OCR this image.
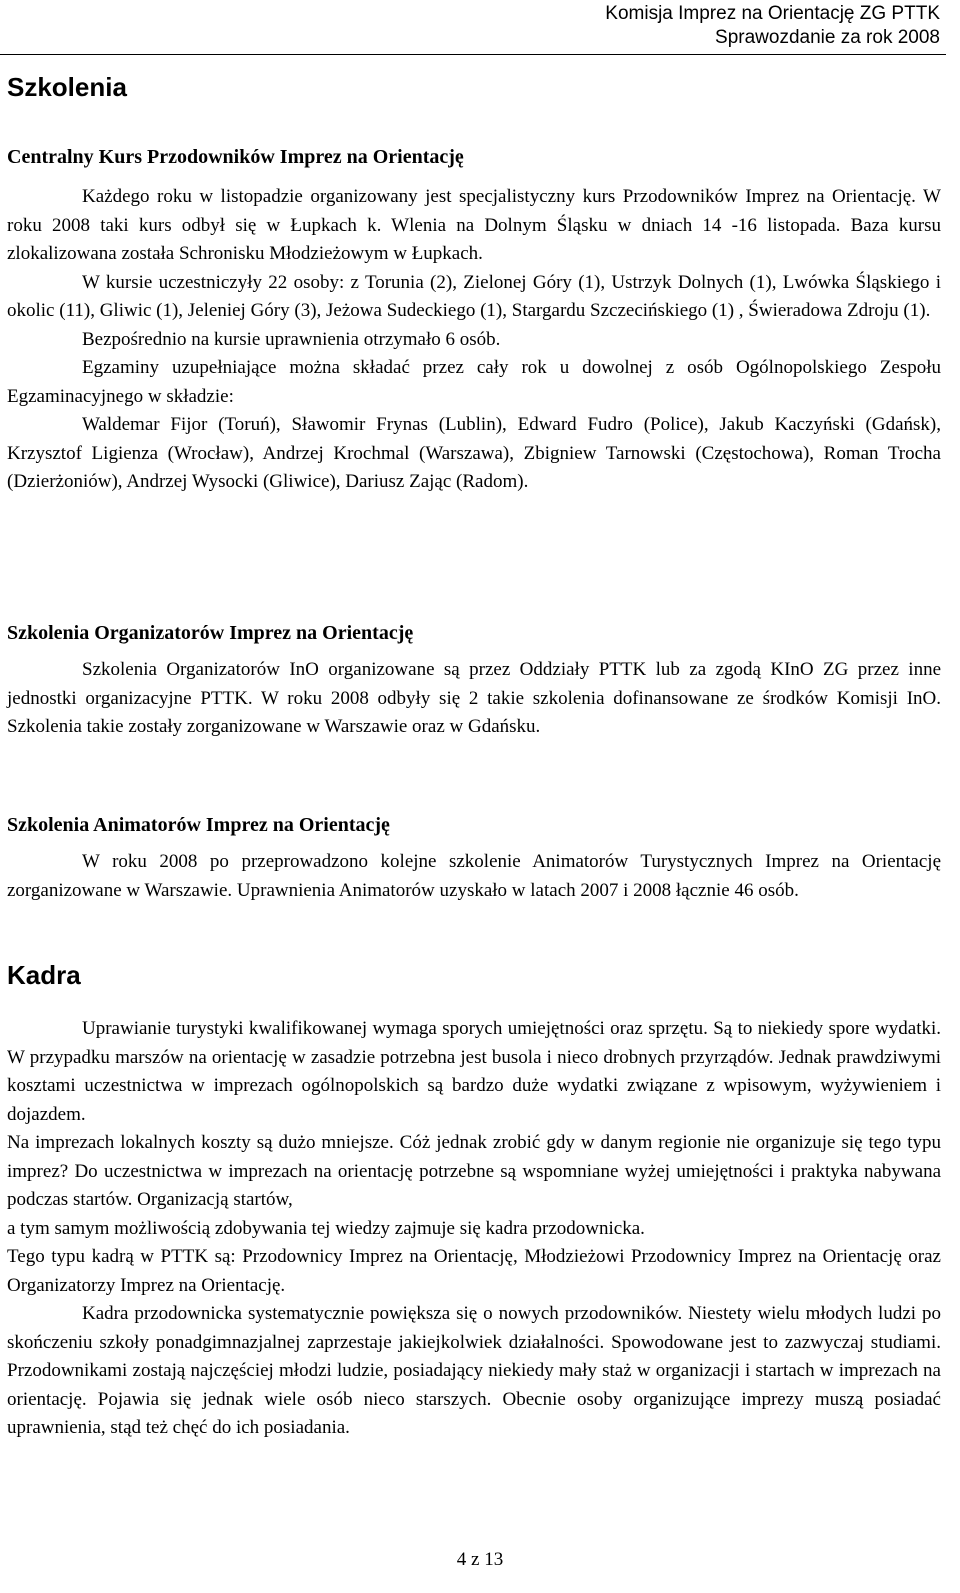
Komisja Imprez na Orientację ZG PTTK
Sprawozdanie za rok 2008
Szkolenia
Centralny Kurs Przodowników Imprez na Orientację

Każdego roku w listopadzie organizowany jest specjalistyczny kurs Przodowników Imprez na Orientację. W roku 2008 taki kurs odbył się w Łupkach k. Wlenia na Dolnym Śląsku w dniach 14 -16 listopada. Baza kursu zlokalizowana została Schronisku Młodzieżowym w Łupkach.

W kursie uczestniczyły 22 osoby: z Torunia (2), Zielonej Góry (1), Ustrzyk Dolnych (1), Lwówka Śląskiego i okolic (11), Gliwic (1), Jeleniej Góry (3), Jeżowa Sudeckiego (1), Stargardu Szczecińskiego (1) , Świeradowa Zdroju (1).

Bezpośrednio na kursie uprawnienia otrzymało 6 osób.

Egzaminy uzupełniające można składać przez cały rok u dowolnej z osób Ogólnopolskiego Zespołu Egzaminacyjnego w składzie:

Waldemar Fijor (Toruń), Sławomir Frynas (Lublin), Edward Fudro (Police), Jakub Kaczyński (Gdańsk), Krzysztof Ligienza (Wrocław), Andrzej Krochmal (Warszawa), Zbigniew Tarnowski (Częstochowa), Roman Trocha (Dzierżoniów), Andrzej Wysocki (Gliwice), Dariusz Zając (Radom).

Szkolenia Organizatorów Imprez na Orientację

Szkolenia Organizatorów InO organizowane są przez Oddziały PTTK lub za zgodą KInO ZG przez inne jednostki organizacyjne PTTK. W roku 2008 odbyły się 2 takie szkolenia dofinansowane ze środków Komisji InO. Szkolenia takie zostały zorganizowane w Warszawie oraz w Gdańsku.

Szkolenia Animatorów Imprez na Orientację

W roku 2008 po przeprowadzono kolejne szkolenie Animatorów Turystycznych Imprez na Orientację zorganizowane w Warszawie. Uprawnienia Animatorów uzyskało w latach 2007 i 2008 łącznie 46 osób.

Kadra

Uprawianie turystyki kwalifikowanej wymaga sporych umiejętności oraz sprzętu. Są to niekiedy spore wydatki. W przypadku marszów na orientację w zasadzie potrzebna jest busola i nieco drobnych przyrządów. Jednak prawdziwymi kosztami uczestnictwa w imprezach ogólnopolskich są bardzo duże wydatki związane z wpisowym, wyżywieniem i dojazdem.

Na imprezach lokalnych koszty są dużo mniejsze. Cóż jednak zrobić gdy w danym regionie nie organizuje się tego typu imprez? Do uczestnictwa w imprezach na orientację potrzebne są wspomniane wyżej umiejętności i praktyka nabywana podczas startów. Organizacją startów,

a tym samym możliwością zdobywania tej wiedzy zajmuje się kadra przodownicka.

Tego typu kadrą w PTTK są: Przodownicy Imprez na Orientację, Młodzieżowi Przodownicy Imprez na Orientację oraz Organizatorzy Imprez na Orientację.

Kadra przodownicka systematycznie powiększa się o nowych przodowników. Niestety wielu młodych ludzi po skończeniu szkoły ponadgimnazjalnej zaprzestaje jakiejkolwiek działalności. Spowodowane jest to zazwyczaj studiami. Przodownikami zostają najczęściej młodzi ludzie, posiadający niekiedy mały staż w organizacji i startach w imprezach na orientację. Pojawia się jednak wiele osób nieco starszych. Obecnie osoby organizujące imprezy muszą posiadać uprawnienia, stąd też chęć do ich posiadania.

4 z 13
